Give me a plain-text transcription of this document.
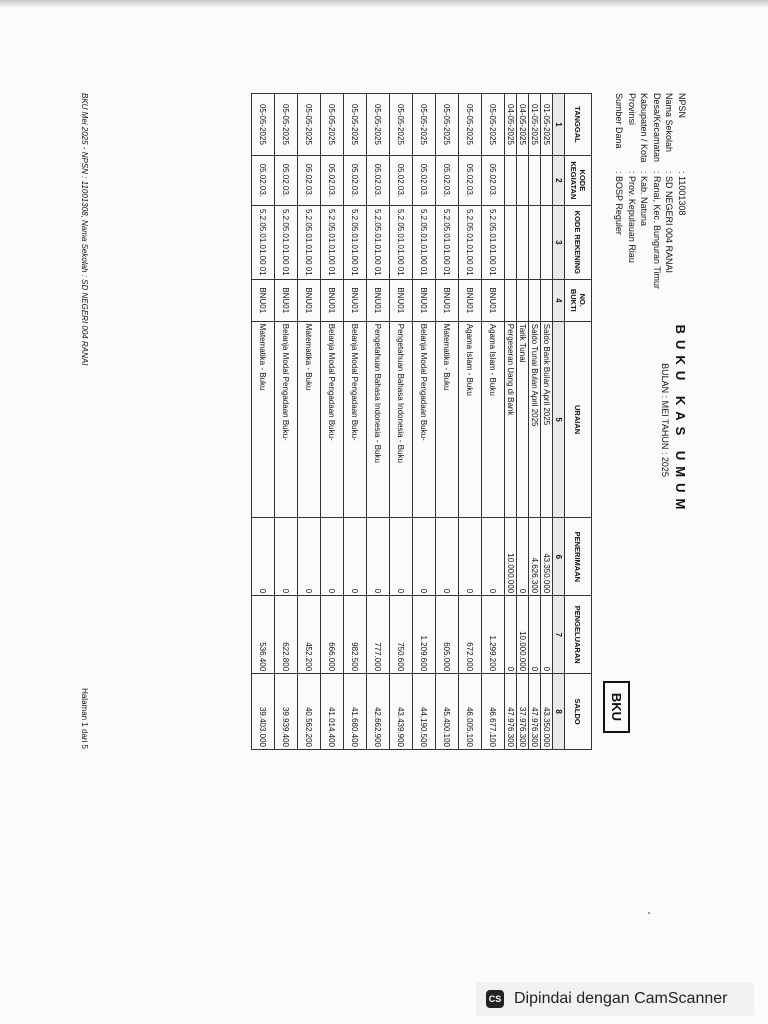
NPSN
: 11001308
Nama Sekolah
: SD NEGERI 004 RANAI
Desa/Kecamatan
: Ranai, Kec. Bunguran Timur
Kabupaten / Kota
: Kab. Natuna
Provinsi
: Prov. Kepulauan Riau
Sumber Dana
: BOSP Reguler
BUKU KAS UMUM
BULAN : MEI TAHUN : 2025
BKU
TANGGAL	KODE KEGIATAN	KODE REKENING	NO. BUKTI	URAIAN	PENERIMAAN	PENGELUARAN	SALDO
1	2	3	4	5	6	7	8
01-05-2025				Saldo Bank Bulan April 2025	43.350.000	0	43.350.000
01-05-2025				Saldo Tunai Bulan April 2025	4.626.300	0	47.976.300
04-05-2025				Tarik Tunai	0	10.000.000	37.976.300
04-05-2025				Pergeseran Uang di Bank	10.000.000	0	47.976.300
05-05-2025	05.02.03.	5.2.05.01.01.00 01	BNU01	Agama Islam - Buku	0	1.299.200	46.677.100
05-05-2025	05.02.03.	5.2.05.01.01.00 01	BNU01	Agama Islam - Buku	0	672.000	46.005.100
05-05-2025	05.02.03.	5.2.05.01.01.00 01	BNU01	Matematika - Buku	0	605.000	45.400.100
05-05-2025	05.02.03.	5.2.05.01.01.00 01	BNU01	Belanja Modal Pengadaan Buku-	0	1.209.600	44.190.500
05-05-2025	05.02.03.	5.2.05.01.01.00 01	BNU01	Pengetahuan Bahasa Indonesia - Buku	0	750.600	43.439.900
05-05-2025	05.02.03.	5.2.05.01.01.00 01	BNU01	Pengetahuan Bahasa Indonesia - Buku	0	777.000	42.662.900
05-05-2025	05.02.03.	5.2.05.01.01.00 01	BNU01	Belanja Modal Pengadaan Buku-	0	982.500	41.680.400
05-05-2025	05.02.03.	5.2.05.01.01.00 01	BNU01	Belanja Modal Pengadaan Buku-	0	666.000	41.014.400
05-05-2025	05.02.03.	5.2.05.01.01.00 01	BNU01	Matematika - Buku	0	452.200	40.562.200
05-05-2025	05.02.03.	5.2.05.01.01.00 01	BNU01	Belanja Modal Pengadaan Buku-	0	622.800	39.939.400
05-05-2025	05.02.03.	5.2.05.01.01.00 01	BNU01	Matematika - Buku	0	536.400	39.403.000
BKU Mei 2025 - NPSN : 11001308, Nama Sekolah : SD NEGERI 004 RANAI
Halaman 1 dari 5
CS Dipindai dengan CamScanner
